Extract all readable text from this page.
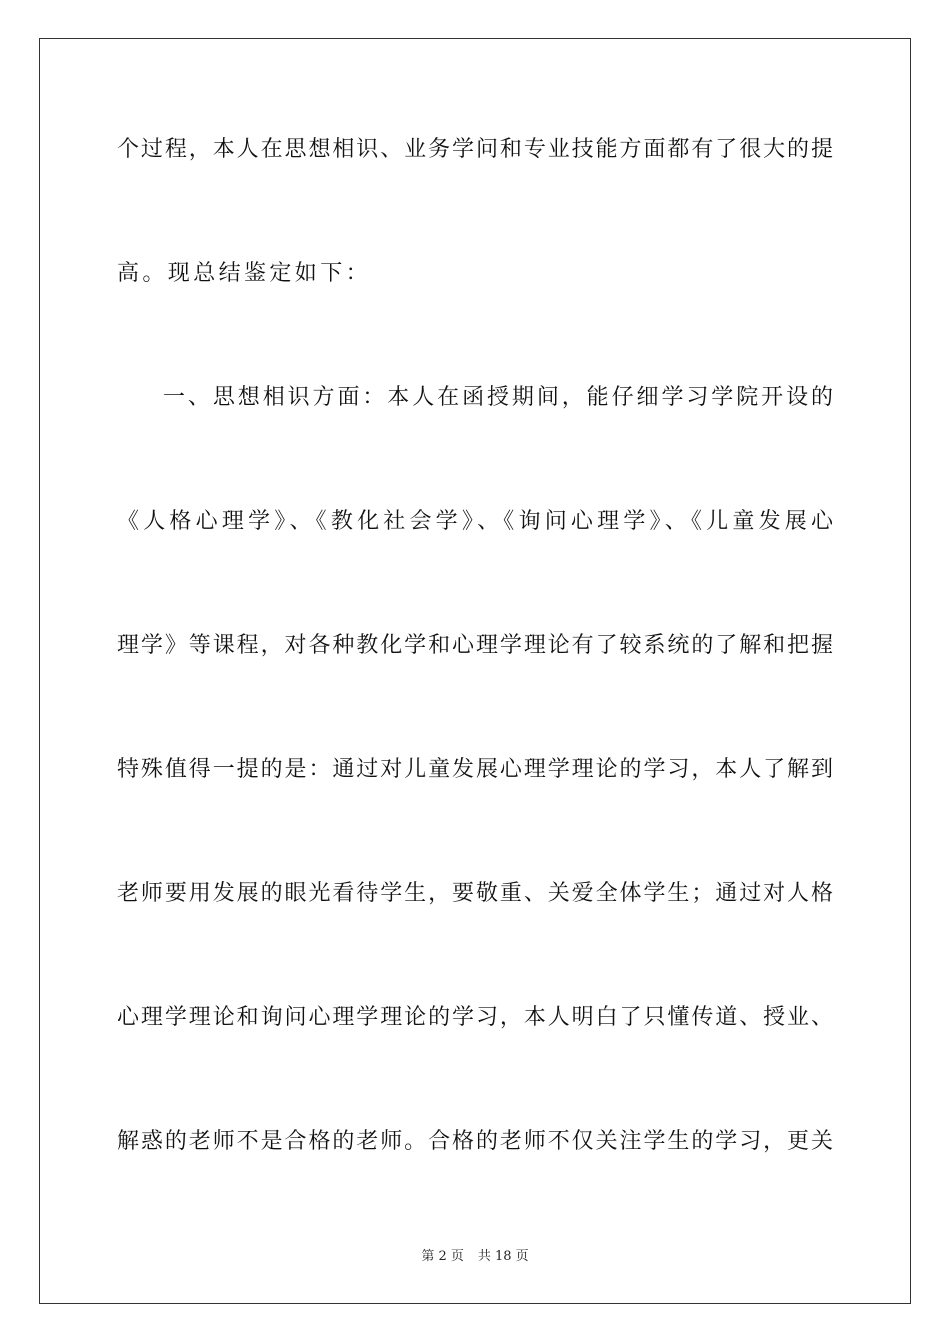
个过程，本人在思想相识、业务学问和专业技能方面都有了很大的提
高。现总结鉴定如下：
一、思想相识方面：本人在函授期间，能仔细学习学院开设的
《人格心理学》、《教化社会学》、《询问心理学》、《儿童发展心
理学》等课程，对各种教化学和心理学理论有了较系统的了解和把握
特殊值得一提的是：通过对儿童发展心理学理论的学习，本人了解到
老师要用发展的眼光看待学生，要敬重、关爱全体学生；通过对人格
心理学理论和询问心理学理论的学习，本人明白了只懂传道、授业、
解惑的老师不是合格的老师。合格的老师不仅关注学生的学习，更关
第 2 页 共 18 页
